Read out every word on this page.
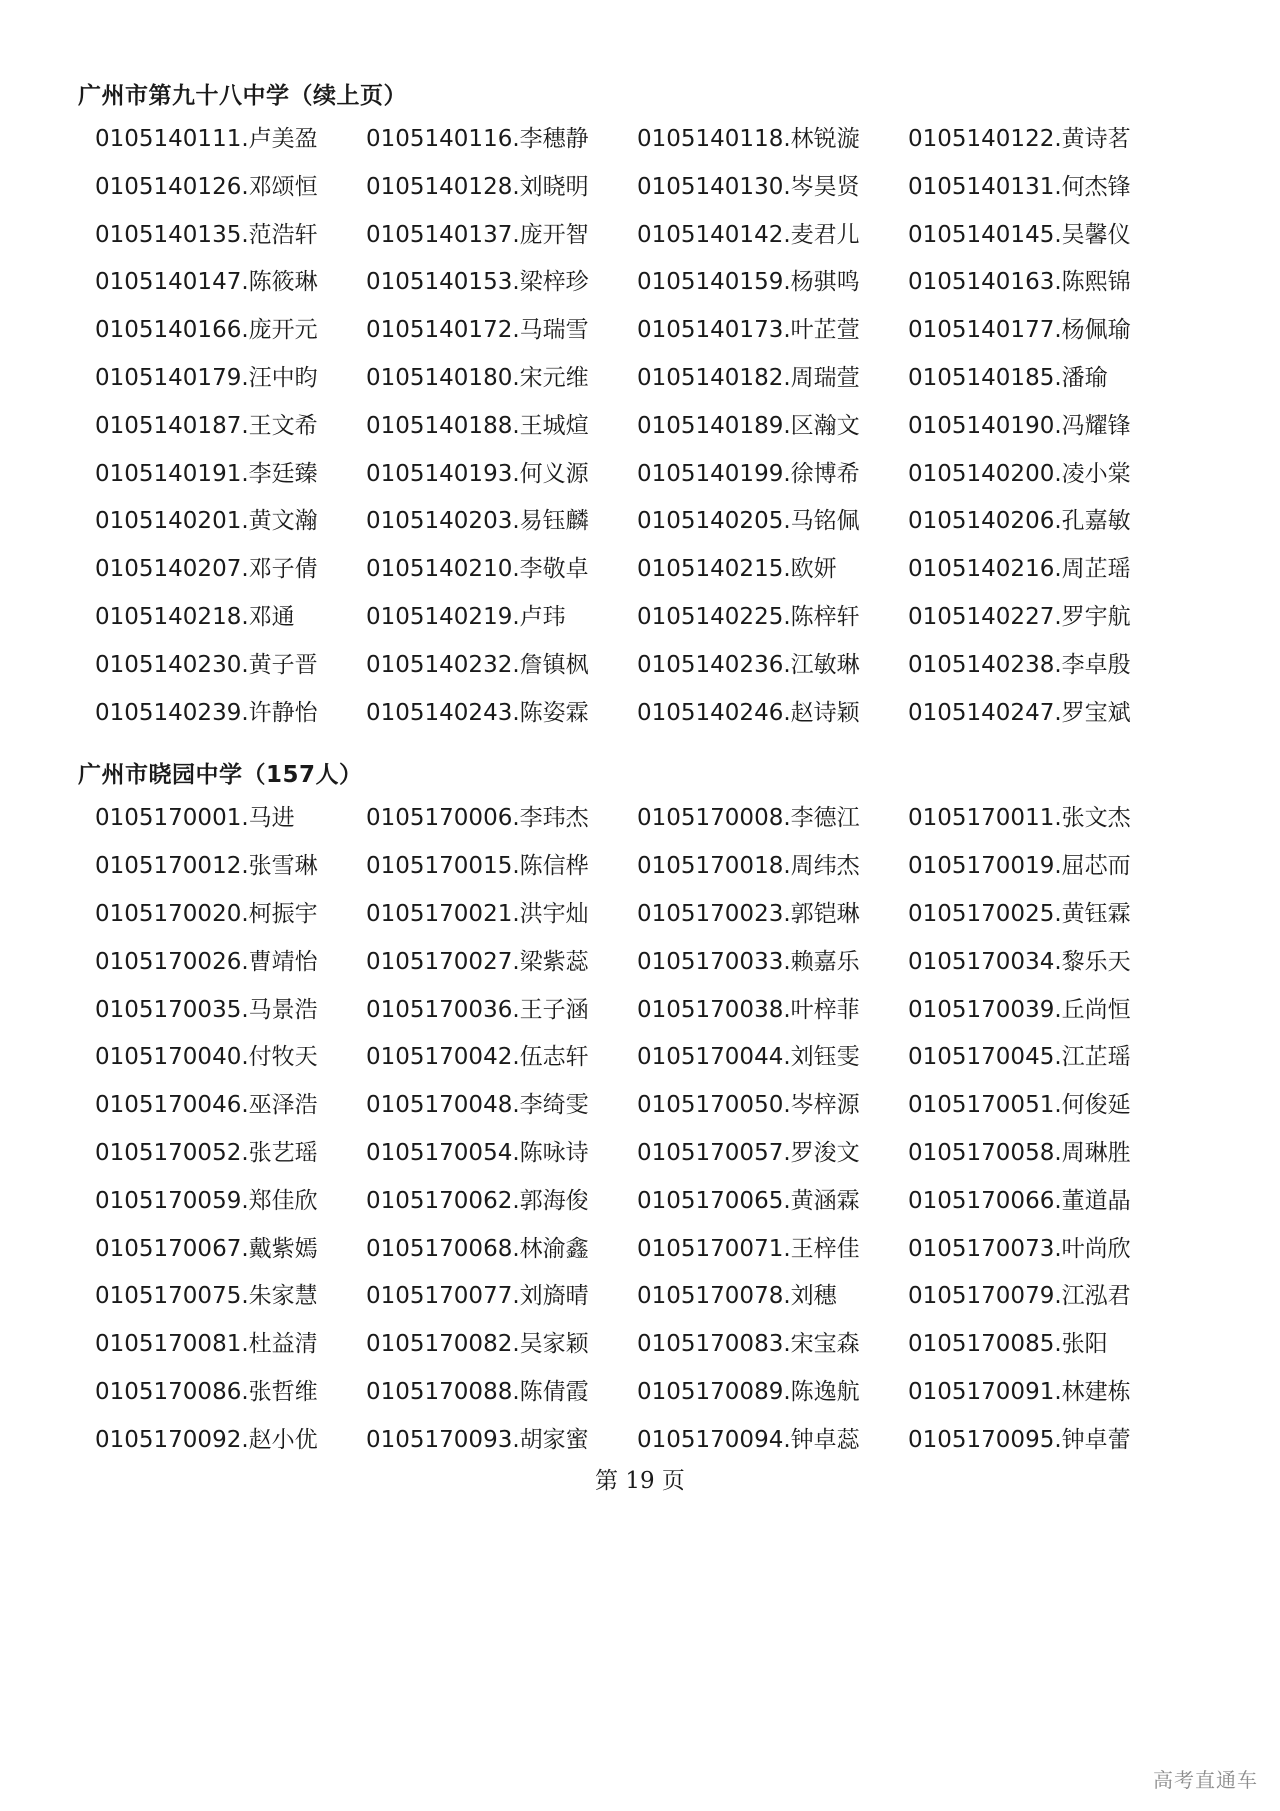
广州市第九十八中学（续上页）
0105140111.卢美盈	0105140116.李穗静	0105140118.林锐漩	0105140122.黄诗茗
0105140126.邓颂恒	0105140128.刘晓明	0105140130.岑昊贤	0105140131.何杰锋
0105140135.范浩轩	0105140137.庞开智	0105140142.麦君儿	0105140145.吴馨仪
0105140147.陈筱琳	0105140153.梁梓珍	0105140159.杨骐鸣	0105140163.陈熙锦
0105140166.庞开元	0105140172.马瑞雪	0105140173.叶芷萱	0105140177.杨佩瑜
0105140179.汪中昀	0105140180.宋元维	0105140182.周瑞萱	0105140185.潘瑜
0105140187.王文希	0105140188.王城煊	0105140189.区瀚文	0105140190.冯耀锋
0105140191.李廷臻	0105140193.何义源	0105140199.徐博希	0105140200.凌小棠
0105140201.黄文瀚	0105140203.易钰麟	0105140205.马铭佩	0105140206.孔嘉敏
0105140207.邓子倩	0105140210.李敬卓	0105140215.欧妍	0105140216.周芷瑶
0105140218.邓通	0105140219.卢玮	0105140225.陈梓轩	0105140227.罗宇航
0105140230.黄子晋	0105140232.詹镇枫	0105140236.江敏琳	0105140238.李卓殷
0105140239.许静怡	0105140243.陈姿霖	0105140246.赵诗颖	0105140247.罗宝斌
广州市晓园中学（157人）
0105170001.马进	0105170006.李玮杰	0105170008.李德江	0105170011.张文杰
0105170012.张雪琳	0105170015.陈信桦	0105170018.周纬杰	0105170019.屈芯而
0105170020.柯振宇	0105170021.洪宇灿	0105170023.郭铠琳	0105170025.黄钰霖
0105170026.曹靖怡	0105170027.梁紫蕊	0105170033.赖嘉乐	0105170034.黎乐天
0105170035.马景浩	0105170036.王子涵	0105170038.叶梓菲	0105170039.丘尚恒
0105170040.付牧天	0105170042.伍志轩	0105170044.刘钰雯	0105170045.江芷瑶
0105170046.巫泽浩	0105170048.李绮雯	0105170050.岑梓源	0105170051.何俊延
0105170052.张艺瑶	0105170054.陈咏诗	0105170057.罗浚文	0105170058.周琳胜
0105170059.郑佳欣	0105170062.郭海俊	0105170065.黄涵霖	0105170066.董道晶
0105170067.戴紫嫣	0105170068.林渝鑫	0105170071.王梓佳	0105170073.叶尚欣
0105170075.朱家慧	0105170077.刘旖晴	0105170078.刘穗	0105170079.江泓君
0105170081.杜益清	0105170082.吴家颖	0105170083.宋宝森	0105170085.张阳
0105170086.张哲维	0105170088.陈倩霞	0105170089.陈逸航	0105170091.林建栋
0105170092.赵小优	0105170093.胡家蜜	0105170094.钟卓蕊	0105170095.钟卓蕾
第 19 页
高考直通车
